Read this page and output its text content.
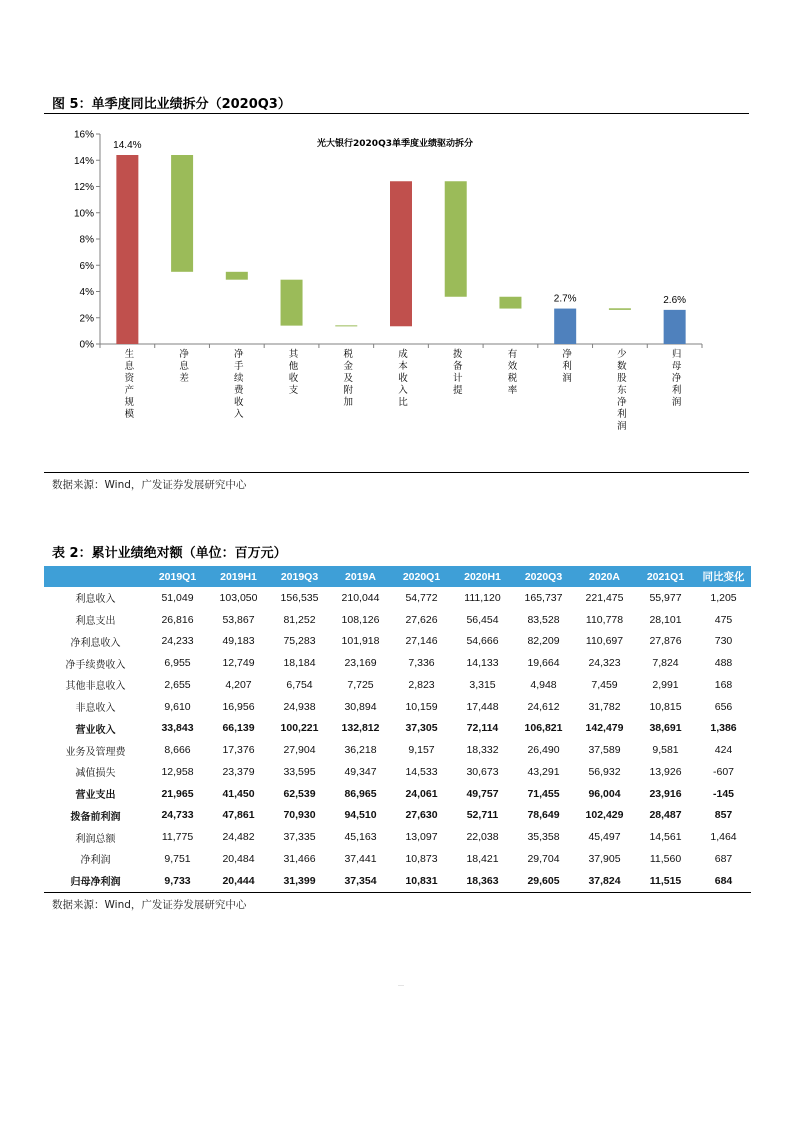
图 5：单季度同比业绩拆分（2020Q3）
0%
2%
4%
6%
8%
10%
12%
14%
16%
光大银行2020Q3单季度业绩驱动拆分
14.4%
2.7%	2.6%
生息资产规模
净息差
净手续费收入
其他收支
税金及附加
成本收入比
拨备计提
有效税率
净利润
少数股东净利润
归母净利润
数据来源：Wind，广发证券发展研究中心
表 2：累计业绩绝对额（单位：百万元）
	2019Q1	2019H1	2019Q3	2019A	2020Q1	2020H1	2020Q3	2020A	2021Q1	同比变化
利息收入	51,049	103,050	156,535	210,044	54,772	111,120	165,737	221,475	55,977	1,205
利息支出	26,816	53,867	81,252	108,126	27,626	56,454	83,528	110,778	28,101	475
净利息收入	24,233	49,183	75,283	101,918	27,146	54,666	82,209	110,697	27,876	730
净手续费收入	6,955	12,749	18,184	23,169	7,336	14,133	19,664	24,323	7,824	488
其他非息收入	2,655	4,207	6,754	7,725	2,823	3,315	4,948	7,459	2,991	168
非息收入	9,610	16,956	24,938	30,894	10,159	17,448	24,612	31,782	10,815	656
营业收入	33,843	66,139	100,221	132,812	37,305	72,114	106,821	142,479	38,691	1,386
业务及管理费	8,666	17,376	27,904	36,218	9,157	18,332	26,490	37,589	9,581	424
减值损失	12,958	23,379	33,595	49,347	14,533	30,673	43,291	56,932	13,926	-607
营业支出	21,965	41,450	62,539	86,965	24,061	49,757	71,455	96,004	23,916	-145
拨备前利润	24,733	47,861	70,930	94,510	27,630	52,711	78,649	102,429	28,487	857
利润总额	11,775	24,482	37,335	45,163	13,097	22,038	35,358	45,497	14,561	1,464
净利润	9,751	20,484	31,466	37,441	10,873	18,421	29,704	37,905	11,560	687
归母净利润	9,733	20,444	31,399	37,354	10,831	18,363	29,605	37,824	11,515	684
数据来源：Wind，广发证券发展研究中心
